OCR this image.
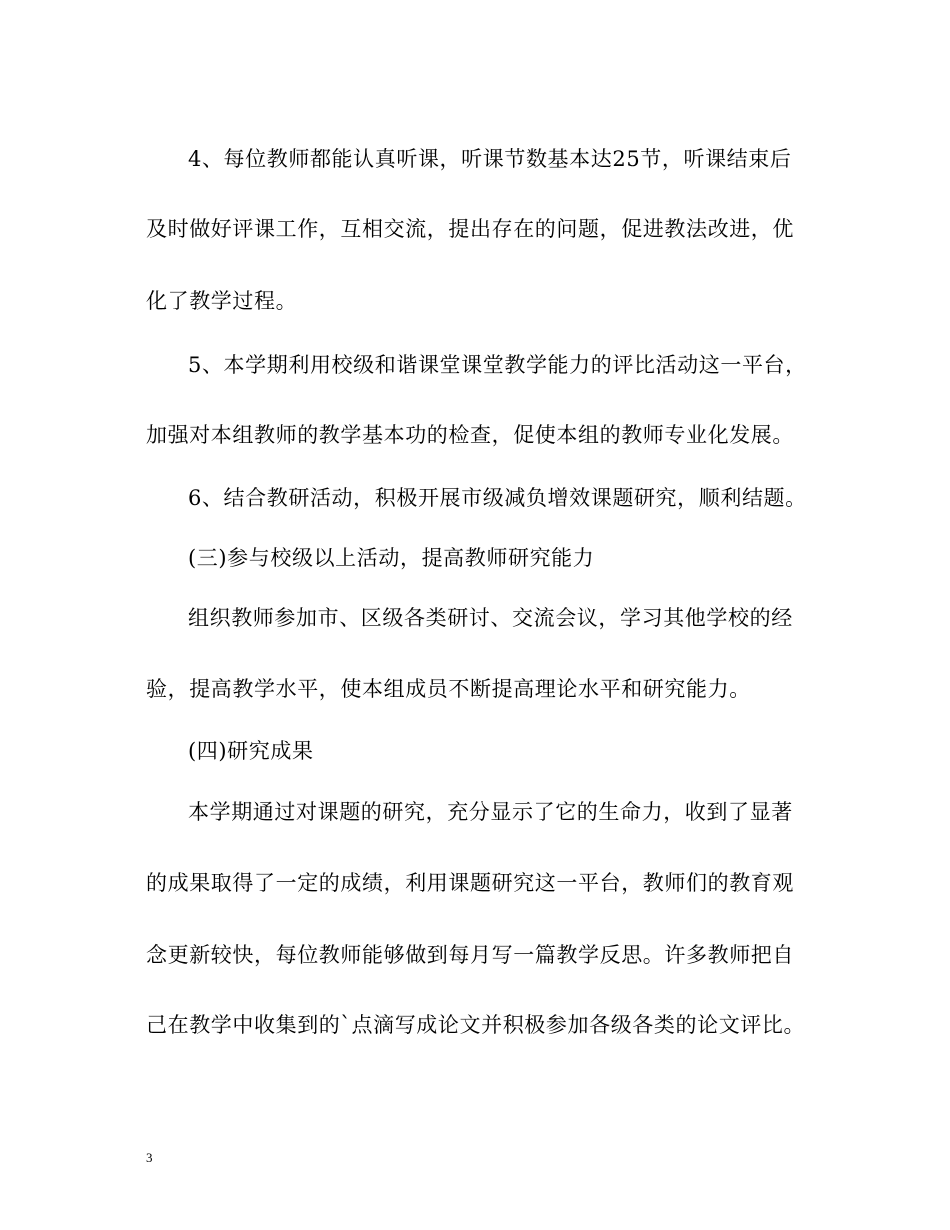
4、每位教师都能认真听课，听课节数基本达25节，听课结束后
及时做好评课工作，互相交流，提出存在的问题，促进教法改进，优
化了教学过程。
5、本学期利用校级和谐课堂课堂教学能力的评比活动这一平台，
加强对本组教师的教学基本功的检查，促使本组的教师专业化发展。
6、结合教研活动，积极开展市级减负增效课题研究，顺利结题。
(三)参与校级以上活动，提高教师研究能力
组织教师参加市、区级各类研讨、交流会议，学习其他学校的经
验，提高教学水平，使本组成员不断提高理论水平和研究能力。
(四)研究成果
本学期通过对课题的研究，充分显示了它的生命力，收到了显著
的成果取得了一定的成绩，利用课题研究这一平台，教师们的教育观
念更新较快，每位教师能够做到每月写一篇教学反思。许多教师把自
己在教学中收集到的`点滴写成论文并积极参加各级各类的论文评比。
3
